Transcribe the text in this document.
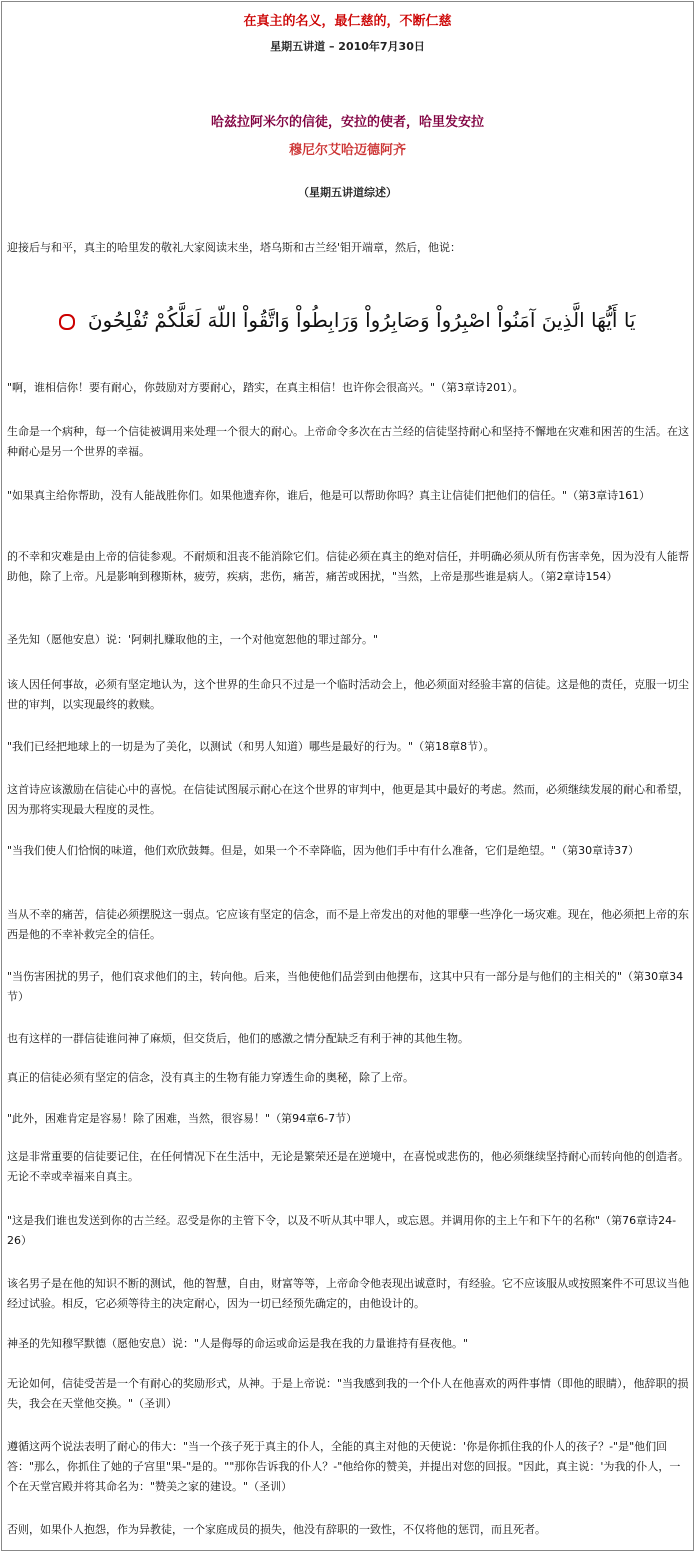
在真主的名义，最仁慈的，不断仁慈
星期五讲道 – 2010年7月30日
哈兹拉阿米尔的信徒，安拉的使者，哈里发安拉
穆尼尔艾哈迈德阿齐
（星期五讲道综述）
يَا أَيُّهَا الَّذِينَ آمَنُواْ اصْبِرُواْ وَصَابِرُواْ وَرَابِطُواْ وَاتَّقُواْ اللّهَ لَعَلَّكُمْ تُفْلِحُونَ

迎接后与和平，真主的哈里发的敬礼大家阅读末坐，塔乌斯和古兰经'钼开端章，然后，他说：

"啊，谁相信你！要有耐心，你鼓励对方要耐心，踏实，在真主相信！也许你会很高兴。"（第3章诗201）。

生命是一个病种，每一个信徒被调用来处理一个很大的耐心。上帝命令多次在古兰经的信徒坚持耐心和坚持不懈地在灾难和困苦的生活。在这种耐心是另一个世界的幸福。

"如果真主给你帮助，没有人能战胜你们。如果他遗弃你，谁后，他是可以帮助你吗？真主让信徒们把他们的信任。"（第3章诗161）

的不幸和灾难是由上帝的信徒参观。不耐烦和沮丧不能消除它们。信徒必须在真主的绝对信任，并明确必须从所有伤害幸免，因为没有人能帮助他，除了上帝。凡是影响到穆斯林，疲劳，疾病，悲伤，痛苦，痛苦或困扰，"当然，上帝是那些谁是病人。（第2章诗154）

圣先知（愿他安息）说：'阿刺扎赚取他的主，一个对他宽恕他的罪过部分。"

该人因任何事故，必须有坚定地认为，这个世界的生命只不过是一个临时活动会上，他必须面对经验丰富的信徒。这是他的责任，克服一切尘世的审判，以实现最终的救赎。

"我们已经把地球上的一切是为了美化，以测试（和男人知道）哪些是最好的行为。"（第18章8节）。

这首诗应该激励在信徒心中的喜悦。在信徒试图展示耐心在这个世界的审判中，他更是其中最好的考虑。然而，必须继续发展的耐心和希望，因为那将实现最大程度的灵性。

"当我们使人们恰悯的味道，他们欢欣鼓舞。但是，如果一个不幸降临，因为他们手中有什么准备，它们是绝望。"（第30章诗37）

当从不幸的痛苦，信徒必须摆脱这一弱点。它应该有坚定的信念，而不是上帝发出的对他的罪孽一些净化一场灾难。现在，他必须把上帝的东西是他的不幸补救完全的信任。

"当伤害困扰的男子，他们哀求他们的主，转向他。后来，当他使他们品尝到由他摆布，这其中只有一部分是与他们的主相关的"（第30章34节）

也有这样的一群信徒谁问神了麻烦，但交货后，他们的感激之情分配缺乏有利于神的其他生物。

真正的信徒必须有坚定的信念，没有真主的生物有能力穿透生命的奥秘，除了上帝。

"此外，困难肯定是容易！除了困难，当然，很容易！"（第94章6-7节）

这是非常重要的信徒要记住，在任何情况下在生活中，无论是繁荣还是在逆境中，在喜悦或悲伤的，他必须继续坚持耐心而转向他的创造者。无论不幸或幸福来自真主。

"这是我们谁也发送到你的古兰经。忍受是你的主管下令，以及不听从其中罪人，或忘恩。并调用你的主上午和下午的名称"（第76章诗24-26）

该名男子是在他的知识不断的测试，他的智慧，自由，财富等等，上帝命令他表现出诚意时，有经验。它不应该服从或按照案件不可思议当他经过试验。相反，它必须等待主的决定耐心，因为一切已经预先确定的，由他设计的。

神圣的先知穆罕默德（愿他安息）说："人是侮辱的命运或命运是我在我的力量谁持有昼夜他。"

无论如何，信徒受苦是一个有耐心的奖励形式，从神。于是上帝说："当我感到我的一个仆人在他喜欢的两件事情（即他的眼睛），他辞职的损失，我会在天堂他交换。"（圣训）

遵循这两个说法表明了耐心的伟大："当一个孩子死于真主的仆人，全能的真主对他的天使说：'你是你抓住我的仆人的孩子？-"是"他们回答："那么，你抓住了她的子宫里"果-"是的。""那你告诉我的仆人？-"他给你的赞美，并提出对您的回报。"因此，真主说：'为我的仆人，一个在天堂宫殿并将其命名为："赞美之家的建设。"（圣训）

否则，如果仆人抱怨，作为异教徒，一个家庭成员的损失，他没有辞职的一致性，不仅将他的惩罚，而且死者。
